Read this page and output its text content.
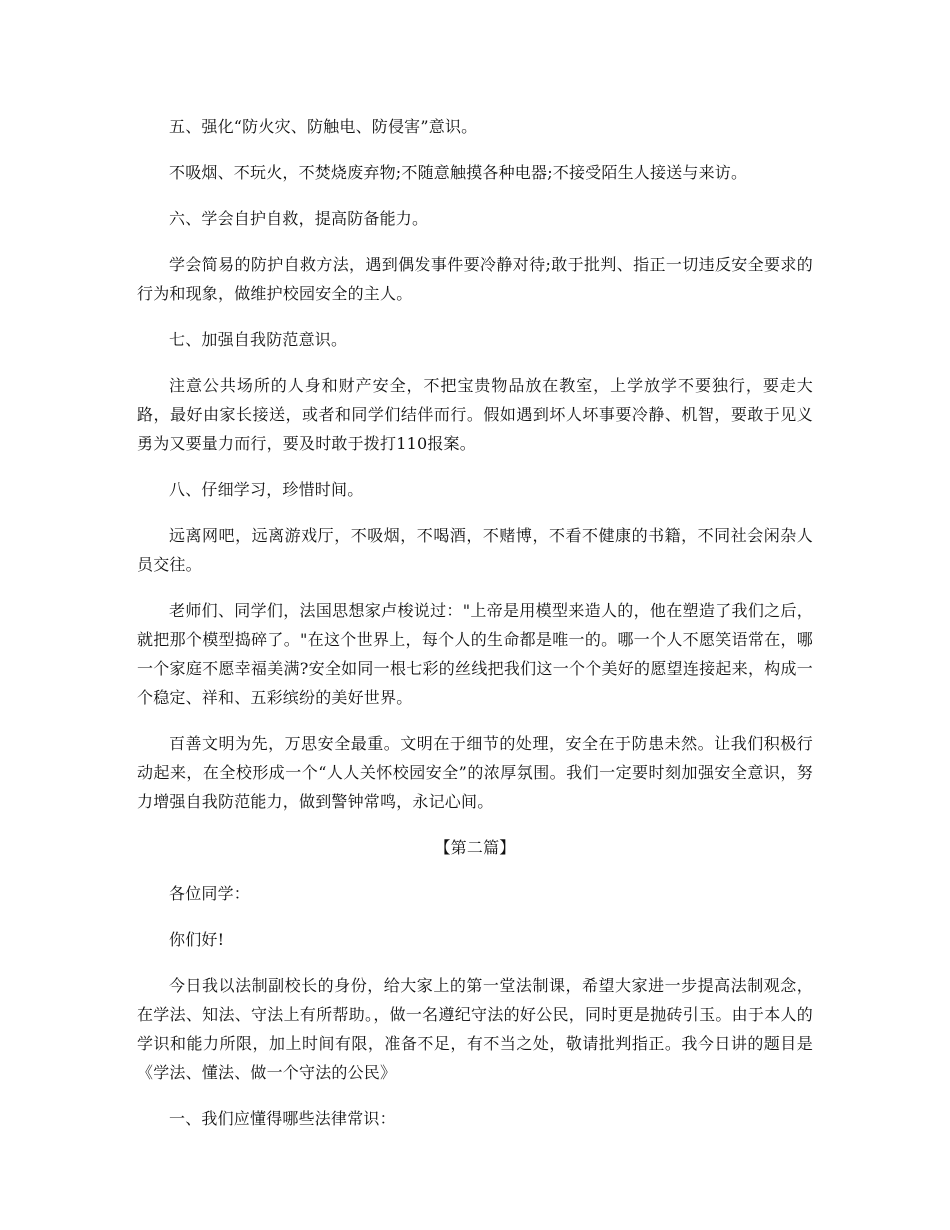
五、强化“防火灾、防触电、防侵害”意识。

不吸烟、不玩火，不焚烧废弃物;不随意触摸各种电器;不接受陌生人接送与来访。

六、学会自护自救，提高防备能力。

学会简易的防护自救方法，遇到偶发事件要冷静对待;敢于批判、指正一切违反安全要求的行为和现象，做维护校园安全的主人。

七、加强自我防范意识。

注意公共场所的人身和财产安全，不把宝贵物品放在教室，上学放学不要独行，要走大路，最好由家长接送，或者和同学们结伴而行。假如遇到坏人坏事要冷静、机智，要敢于见义勇为又要量力而行，要及时敢于拨打110报案。

八、仔细学习，珍惜时间。

远离网吧，远离游戏厅，不吸烟，不喝酒，不赌博，不看不健康的书籍，不同社会闲杂人员交往。

老师们、同学们，法国思想家卢梭说过："上帝是用模型来造人的，他在塑造了我们之后，就把那个模型捣碎了。"在这个世界上，每个人的生命都是唯一的。哪一个人不愿笑语常在，哪一个家庭不愿幸福美满?安全如同一根七彩的丝线把我们这一个个美好的愿望连接起来，构成一个稳定、祥和、五彩缤纷的美好世界。

百善文明为先，万思安全最重。文明在于细节的处理，安全在于防患未然。让我们积极行动起来，在全校形成一个“人人关怀校园安全”的浓厚氛围。我们一定要时刻加强安全意识，努力增强自我防范能力，做到警钟常鸣，永记心间。

【第二篇】

各位同学：

你们好!

今日我以法制副校长的身份，给大家上的第一堂法制课，希望大家进一步提高法制观念，在学法、知法、守法上有所帮助。，做一名遵纪守法的好公民，同时更是抛砖引玉。由于本人的学识和能力所限，加上时间有限，准备不足，有不当之处，敬请批判指正。我今日讲的题目是《学法、懂法、做一个守法的公民》

一、我们应懂得哪些法律常识：
